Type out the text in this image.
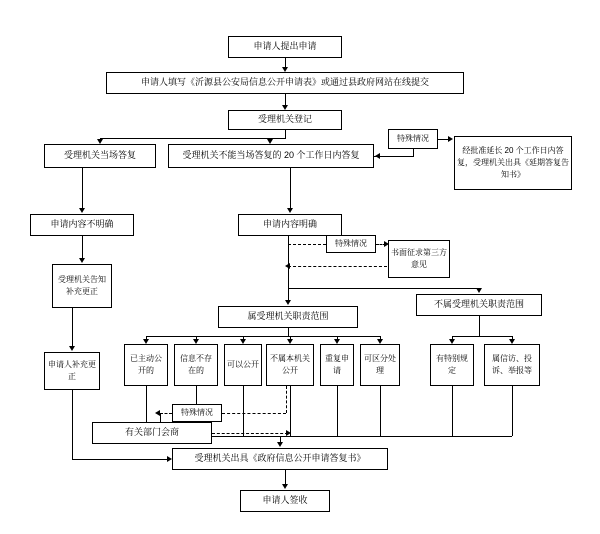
申请人提出申请
申请人填写《沂源县公安局信息公开申请表》或通过县政府网站在线提交
受理机关登记
受理机关当场答复	受理机关不能当场答复的 20 个工作日内答复
特殊情况
经批准延长 20 个工作日内答复，受理机关出具《延期答复告知书》
申请内容不明确	申请内容明确
特殊情况
书面征求第三方意见
受理机关告知补充更正
申请人补充更正
属受理机关职责范围
不属受理机关职责范围
已主动公开的
信息不存在的
可以公开
不属本机关公开
重复申请
可区分处理
有特别规定
属信访、投诉、举报等
特殊情况
有关部门会商
受理机关出具《政府信息公开申请答复书》
申请人签收
